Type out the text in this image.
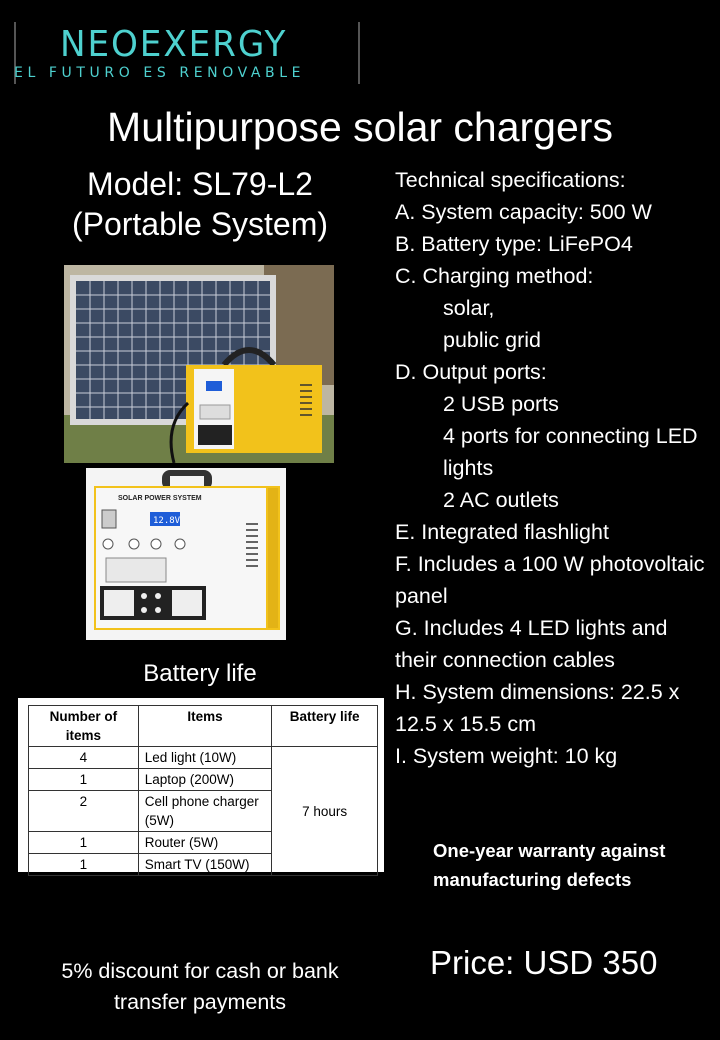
NEOEXERGY
EL FUTURO ES RENOVABLE
Multipurpose solar chargers
Model: SL79-L2
(Portable System)
SOLAR POWER SYSTEM
12.8V
Battery life
Number of items	Items	Battery life
4	Led light (10W)	7 hours
1	Laptop (200W)	
2	Cell phone charger (5W)	
1	Router (5W)	
1	Smart TV (150W)	
Technical specifications:
A. System capacity: 500 W
B. Battery type: LiFePO4
C. Charging method:
solar,
public grid
D. Output ports:
2 USB ports
4 ports for connecting LED lights
2 AC outlets
E. Integrated flashlight
F. Includes a 100 W photovoltaic panel
G. Includes 4 LED lights and their connection cables
H. System dimensions: 22.5 x 12.5 x 15.5 cm
I. System weight: 10 kg
One-year warranty against manufacturing defects
Price: USD 350
5% discount for cash or bank transfer payments
